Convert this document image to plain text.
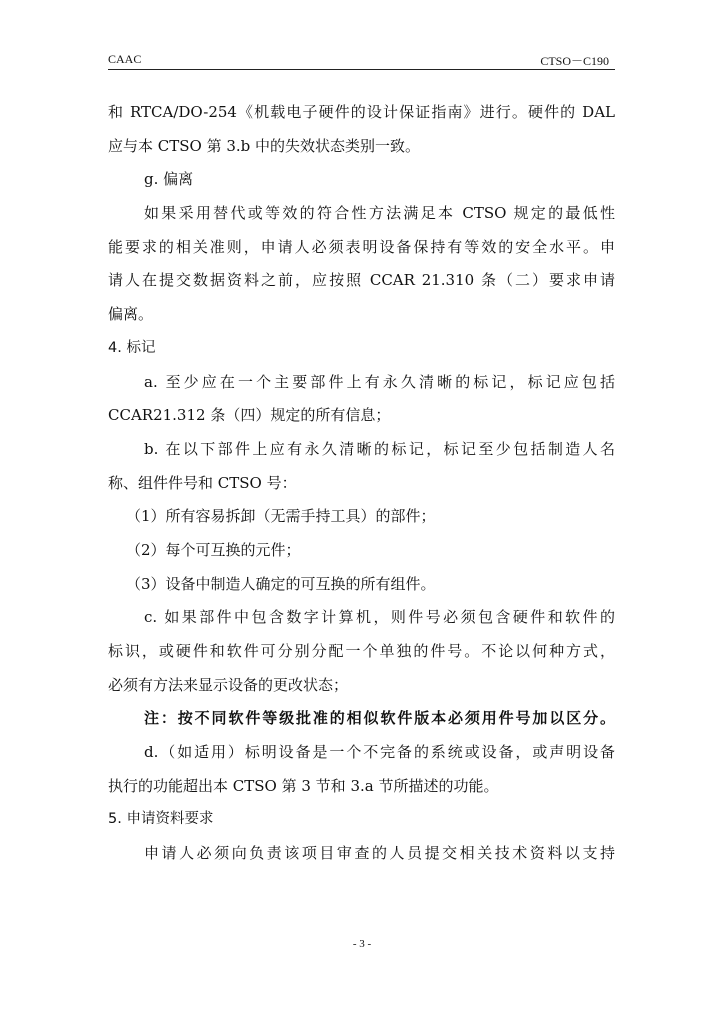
CAAC	CTSO－C190
和 RTCA/DO-254《机载电子硬件的设计保证指南》进行。硬件的 DAL
应与本 CTSO 第 3.b 中的失效状态类别一致。
g. 偏离
如果采用替代或等效的符合性方法满足本 CTSO 规定的最低性
能要求的相关准则，申请人必须表明设备保持有等效的安全水平。申
请人在提交数据资料之前，应按照 CCAR 21.310 条（二）要求申请
偏离。
4. 标记
a. 至少应在一个主要部件上有永久清晰的标记，标记应包括
CCAR21.312 条（四）规定的所有信息；
b. 在以下部件上应有永久清晰的标记，标记至少包括制造人名
称、组件件号和 CTSO 号：
（1）所有容易拆卸（无需手持工具）的部件；
（2）每个可互换的元件；
（3）设备中制造人确定的可互换的所有组件。
c. 如果部件中包含数字计算机，则件号必须包含硬件和软件的
标识，或硬件和软件可分别分配一个单独的件号。不论以何种方式，
必须有方法来显示设备的更改状态；
注：按不同软件等级批准的相似软件版本必须用件号加以区分。
d.（如适用）标明设备是一个不完备的系统或设备，或声明设备
执行的功能超出本 CTSO 第 3 节和 3.a 节所描述的功能。
5. 申请资料要求
申请人必须向负责该项目审查的人员提交相关技术资料以支持
- 3 -
